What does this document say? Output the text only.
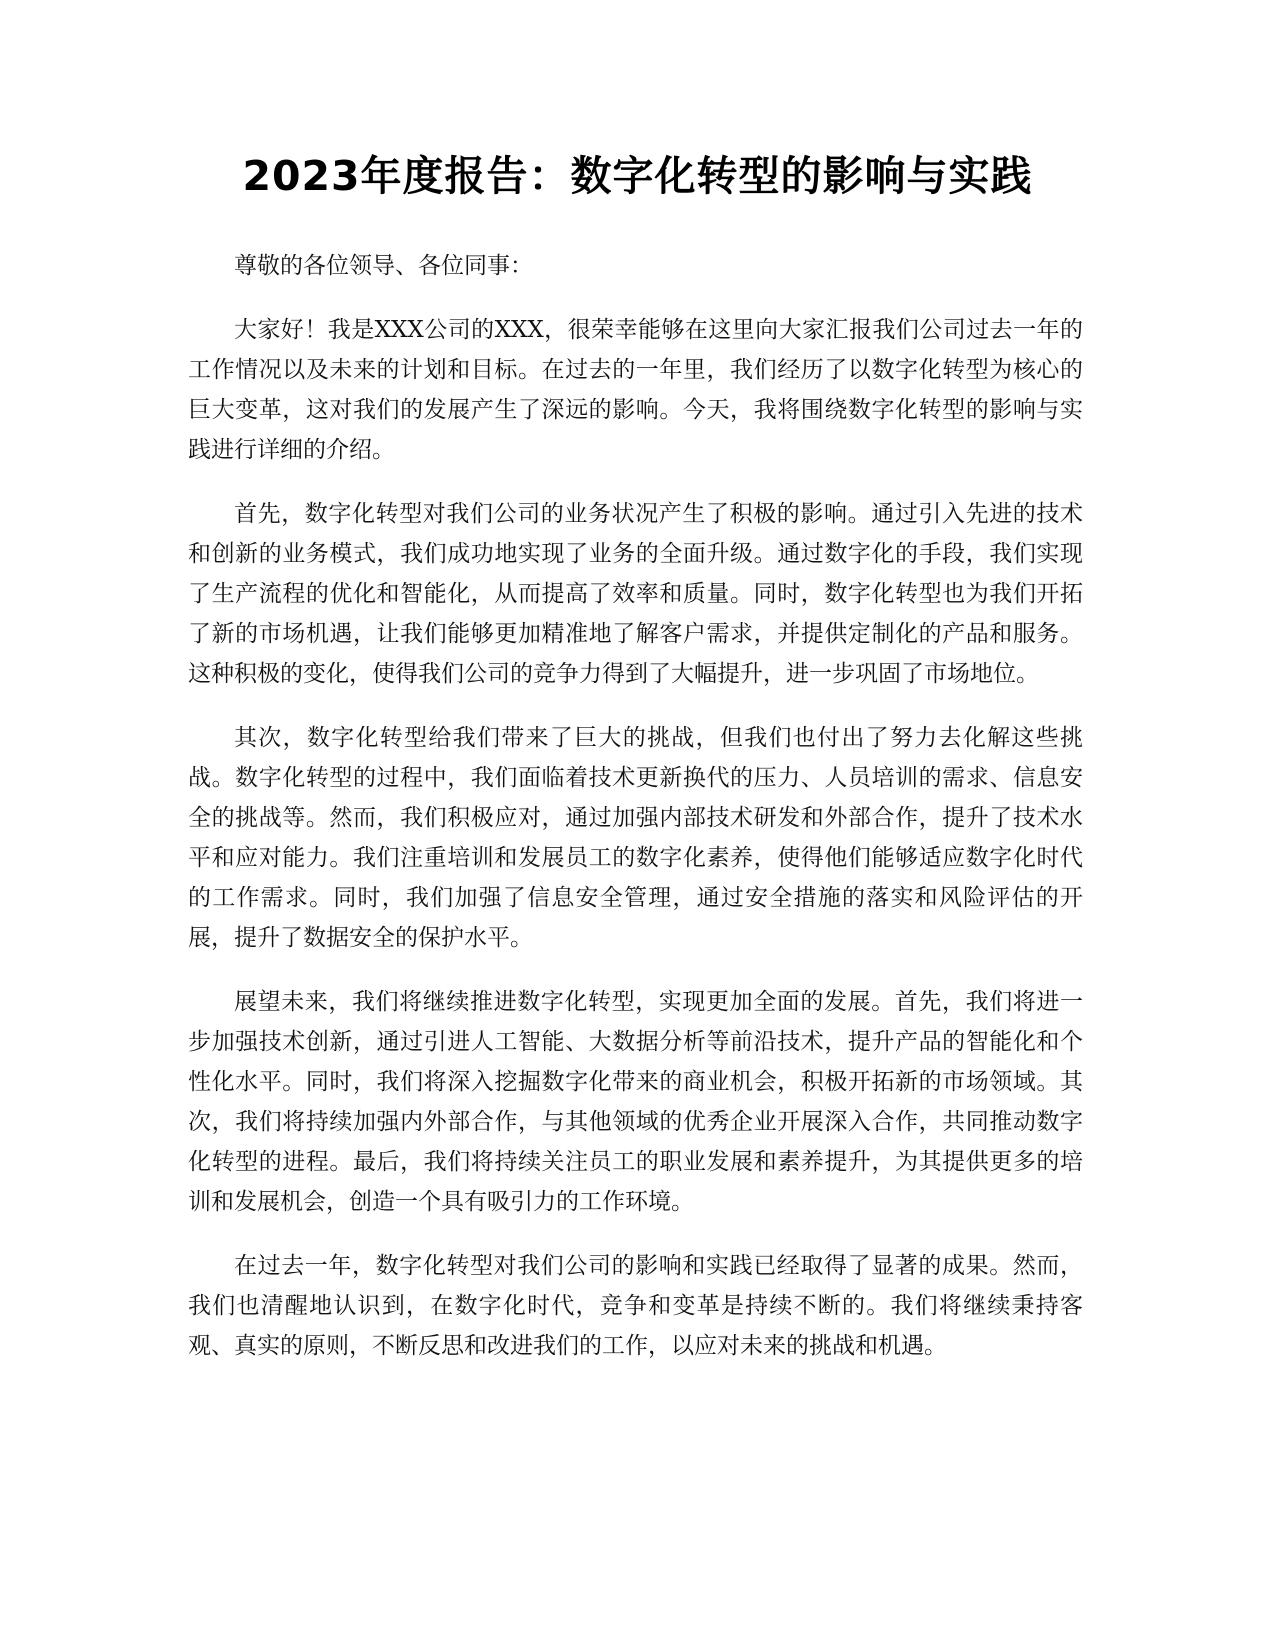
2023年度报告：数字化转型的影响与实践

尊敬的各位领导、各位同事：

大家好！我是XXX公司的XXX，很荣幸能够在这里向大家汇报我们公司过去一年的工作情况以及未来的计划和目标。在过去的一年里，我们经历了以数字化转型为核心的巨大变革，这对我们的发展产生了深远的影响。今天，我将围绕数字化转型的影响与实践进行详细的介绍。

首先，数字化转型对我们公司的业务状况产生了积极的影响。通过引入先进的技术和创新的业务模式，我们成功地实现了业务的全面升级。通过数字化的手段，我们实现了生产流程的优化和智能化，从而提高了效率和质量。同时，数字化转型也为我们开拓了新的市场机遇，让我们能够更加精准地了解客户需求，并提供定制化的产品和服务。这种积极的变化，使得我们公司的竞争力得到了大幅提升，进一步巩固了市场地位。

其次，数字化转型给我们带来了巨大的挑战，但我们也付出了努力去化解这些挑战。数字化转型的过程中，我们面临着技术更新换代的压力、人员培训的需求、信息安全的挑战等。然而，我们积极应对，通过加强内部技术研发和外部合作，提升了技术水平和应对能力。我们注重培训和发展员工的数字化素养，使得他们能够适应数字化时代的工作需求。同时，我们加强了信息安全管理，通过安全措施的落实和风险评估的开展，提升了数据安全的保护水平。

展望未来，我们将继续推进数字化转型，实现更加全面的发展。首先，我们将进一步加强技术创新，通过引进人工智能、大数据分析等前沿技术，提升产品的智能化和个性化水平。同时，我们将深入挖掘数字化带来的商业机会，积极开拓新的市场领域。其次，我们将持续加强内外部合作，与其他领域的优秀企业开展深入合作，共同推动数字化转型的进程。最后，我们将持续关注员工的职业发展和素养提升，为其提供更多的培训和发展机会，创造一个具有吸引力的工作环境。

在过去一年，数字化转型对我们公司的影响和实践已经取得了显著的成果。然而，我们也清醒地认识到，在数字化时代，竞争和变革是持续不断的。我们将继续秉持客观、真实的原则，不断反思和改进我们的工作，以应对未来的挑战和机遇。
